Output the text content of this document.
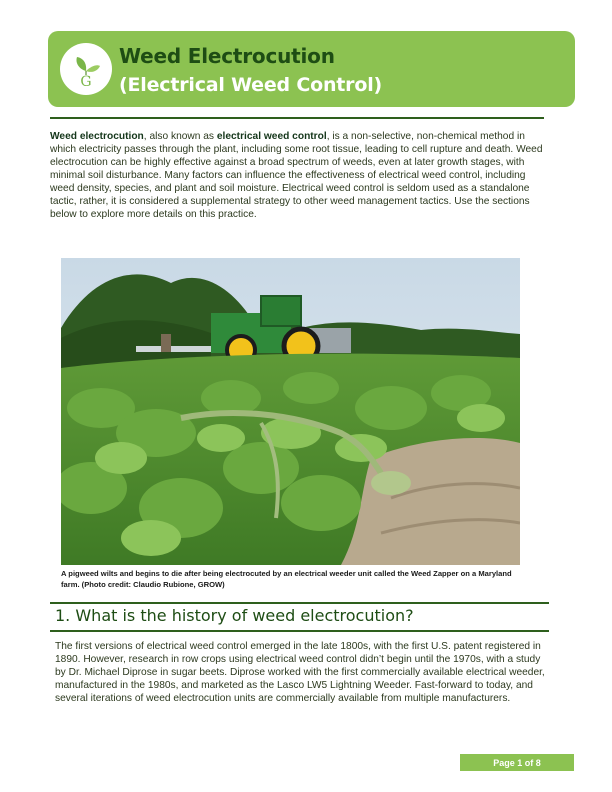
G
Weed Electrocution
(Electrical Weed Control)
Weed electrocution, also known as electrical weed control, is a non-selective, non-chemical method in which electricity passes through the plant, including some root tissue, leading to cell rupture and death. Weed electrocution can be highly effective against a broad spectrum of weeds, even at later growth stages, with minimal soil disturbance. Many factors can influence the effectiveness of electrical weed control, including weed density, species, and plant and soil moisture. Electrical weed control is seldom used as a standalone tactic, rather, it is considered a supplemental strategy to other weed management tactics. Use the sections below to explore more details on this practice.
A pigweed wilts and begins to die after being electrocuted by an electrical weeder unit called the Weed Zapper on a Maryland farm. (Photo credit: Claudio Rubione, GROW)
1. What is the history of weed electrocution?
The first versions of electrical weed control emerged in the late 1800s, with the first U.S. patent registered in 1890. However, research in row crops using electrical weed control didn’t begin until the 1970s, with a study by Dr. Michael Diprose in sugar beets. Diprose worked with the first commercially available electrical weeder, manufactured in the 1980s, and marketed as the Lasco LW5 Lightning Weeder. Fast-forward to today, and several iterations of weed electrocution units are commercially available from multiple manufacturers.
Page 1 of 8
